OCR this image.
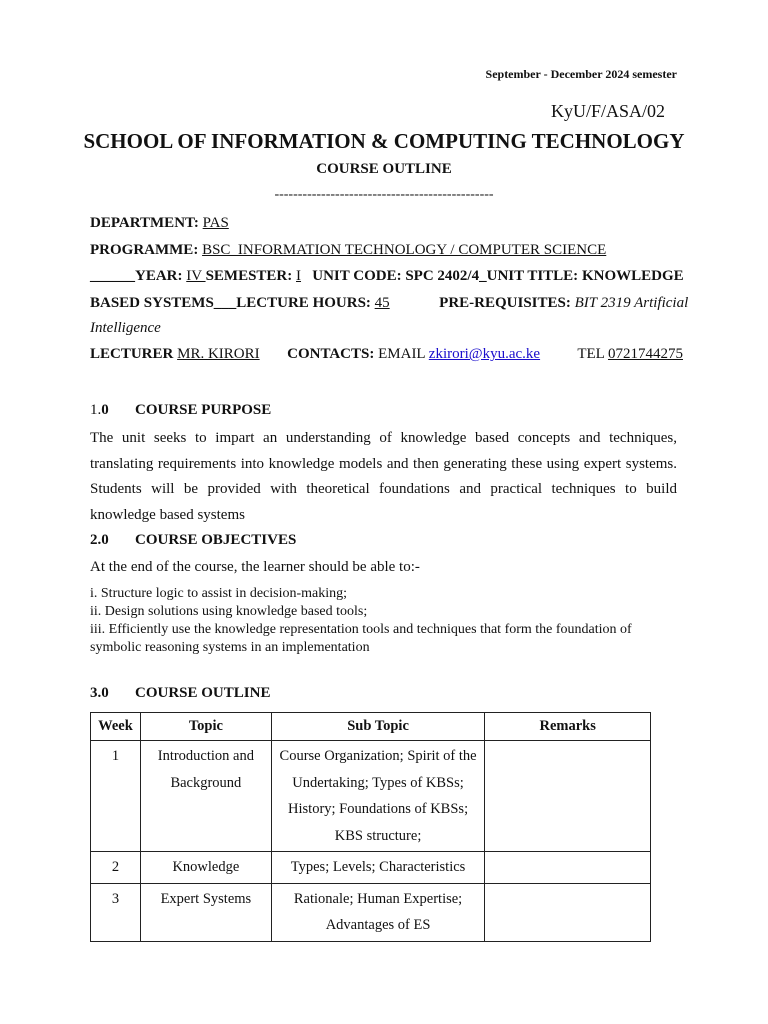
September - December 2024 semester
KyU/F/ASA/02
SCHOOL OF INFORMATION & COMPUTING TECHNOLOGY
COURSE OUTLINE
-----------------------------------------------
DEPARTMENT: PAS
PROGRAMME: BSC  INFORMATION TECHNOLOGY / COMPUTER SCIENCE
______YEAR: IV SEMESTER: I UNIT CODE: SPC 2402/4_UNIT TITLE: KNOWLEDGE
BASED SYSTEMS___LECTURE HOURS: 45	PRE-REQUISITES: BIT 2319 Artificial
Intelligence
LECTURER MR. KIRORI CONTACTS: EMAIL zkirori@kyu.ac.ke TEL 0721744275
1.0 COURSE PURPOSE
The unit seeks to impart an understanding of knowledge based concepts and techniques, translating requirements into knowledge models and then generating these using expert systems. Students will be provided with theoretical foundations and practical techniques to build knowledge based systems
2.0 COURSE OBJECTIVES
At the end of the course, the learner should be able to:-
i. Structure logic to assist in decision-making;
ii. Design solutions using knowledge based tools;
iii. Efficiently use the knowledge representation tools and techniques that form the foundation of symbolic reasoning systems in an implementation
3.0 COURSE OUTLINE
Week	Topic	Sub Topic	Remarks
1	Introduction and Background	Course Organization; Spirit of the Undertaking; Types of KBSs; History; Foundations of KBSs; KBS structure;	
2	Knowledge	Types; Levels; Characteristics	
3	Expert Systems	Rationale; Human Expertise; Advantages of ES	
